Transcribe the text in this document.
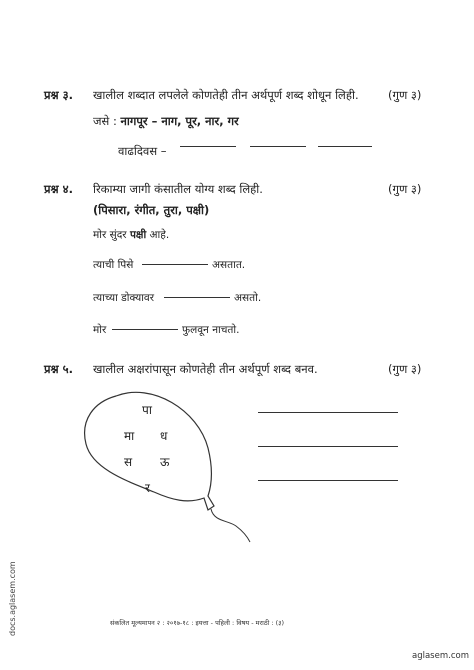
प्रश्न ३. खालील शब्दात लपलेले कोणतेही तीन अर्थपूर्ण शब्द शोधून लिही.	(गुण ३)
जसे : नागपूर – नाग, पूर, नार, गर
वाढदिवस –
प्रश्न ४. रिकाम्या जागी कंसातील योग्य शब्द लिही.	(गुण ३)
(पिसारा, रंगीत, तुरा, पक्षी)
मोर सुंदर पक्षी आहे.
त्याची पिसे	असतात.
त्याच्या डोक्यावर	असतो.
मोर	फुलवून नाचतो.
प्रश्न ५. खालील अक्षरांपासून कोणतेही तीन अर्थपूर्ण शब्द बनव.	(गुण ३)
पा
मा ध
स ऊ
र
संकलित मूल्यमापन २ : २०१७-१८ : इयत्ता - पहिली : विषय - मराठी : (३)
docs.aglasem.com
aglasem.com
